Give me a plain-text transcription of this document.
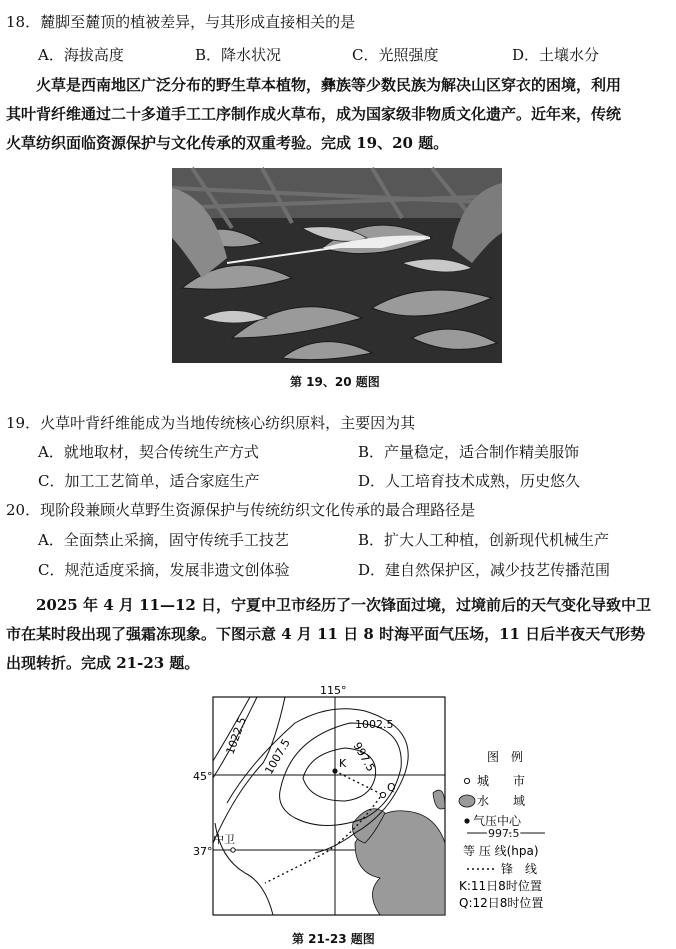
18．麓脚至麓顶的植被差异，与其形成直接相关的是
A．海拔高度	B．降水状况	C．光照强度	D．土壤水分
　　火草是西南地区广泛分布的野生草本植物，彝族等少数民族为解决山区穿衣的困境，利用
其叶背纤维通过二十多道手工工序制作成火草布，成为国家级非物质文化遗产。近年来，传统
火草纺织面临资源保护与文化传承的双重考验。完成 19、20 题。
第 19、20 题图
19．火草叶背纤维能成为当地传统核心纺织原料，主要因为其
A．就地取材，契合传统生产方式	B．产量稳定，适合制作精美服饰
C．加工工艺简单，适合家庭生产	D．人工培育技术成熟，历史悠久
20．现阶段兼顾火草野生资源保护与传统纺织文化传承的最合理路径是
A．全面禁止采摘，固守传统手工技艺	B．扩大人工种植，创新现代机械生产
C．规范适度采摘，发展非遗文创体验	D．建自然保护区，减少技艺传播范围
　　2025 年 4 月 11—12 日，宁夏中卫市经历了一次锋面过境，过境前后的天气变化导致中卫
市在某时段出现了强霜冻现象。下图示意 4 月 11 日 8 时海平面气压场，11 日后半夜天气形势
出现转折。完成 21-23 题。
115°
45°
37°
1022.5
1007.5
1002.5
997.5
K
Q
中卫
图　例
城　　市
水　　域
气压中心
997.5
等 压 线(hpa)
锋　线
K:11日8时位置
Q:12日8时位置
第 21-23 题图
